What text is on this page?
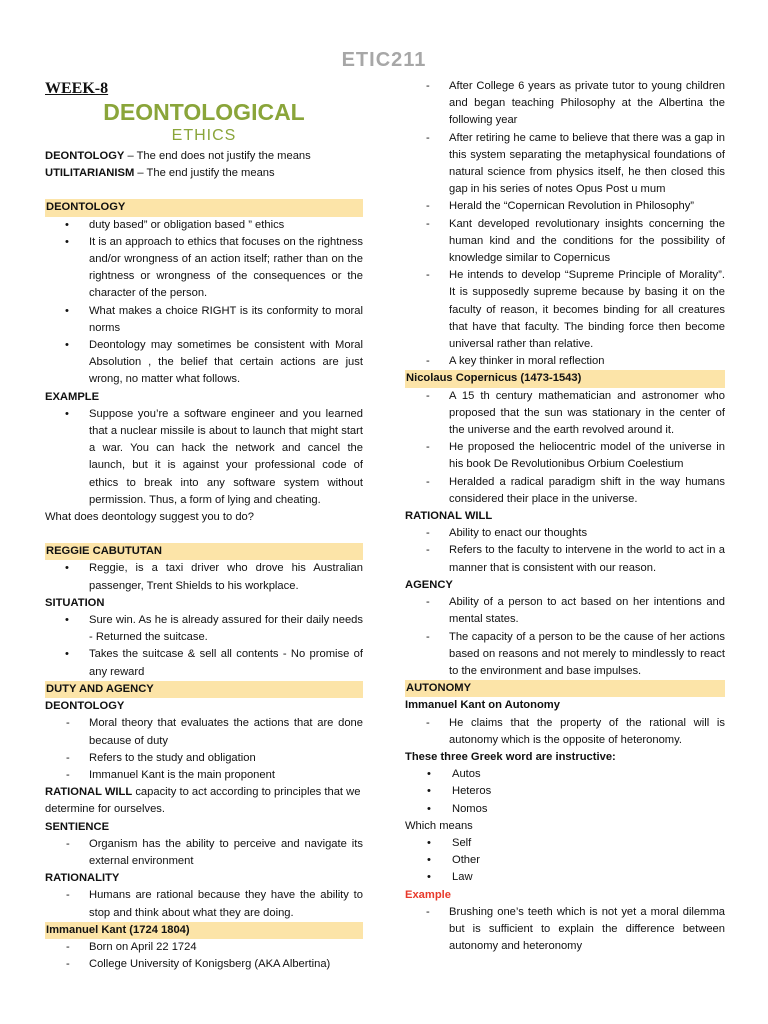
ETIC211
WEEK-8
DEONTOLOGICAL
ETHICS
DEONTOLOGY – The end does not justify the means
UTILITARIANISM – The end justify the means
DEONTOLOGY
• duty based” or obligation based ” ethics
• It is an approach to ethics that focuses on the rightness and/or wrongness of an action itself; rather than on the rightness or wrongness of the consequences or the character of the person.
• What makes a choice RIGHT is its conformity to moral norms
• Deontology may sometimes be consistent with Moral Absolution , the belief that certain actions are just wrong, no matter what follows.
EXAMPLE
• Suppose you’re a software engineer and you learned that a nuclear missile is about to launch that might start a war. You can hack the network and cancel the launch, but it is against your professional code of ethics to break into any software system without permission. Thus, a form of lying and cheating.
What does deontology suggest you to do?
REGGIE CABUTUTAN
• Reggie, is a taxi driver who drove his Australian passenger, Trent Shields to his workplace.
SITUATION
• Sure win. As he is already assured for their daily needs - Returned the suitcase.
• Takes the suitcase & sell all contents - No promise of any reward
DUTY AND AGENCY
DEONTOLOGY
- Moral theory that evaluates the actions that are done because of duty
- Refers to the study and obligation
- Immanuel Kant is the main proponent
RATIONAL WILL capacity to act according to principles that we determine for ourselves.
SENTIENCE
- Organism has the ability to perceive and navigate its external environment
RATIONALITY
- Humans are rational because they have the ability to stop and think about what they are doing.
Immanuel Kant (1724 1804)
- Born on April 22 1724
- College University of Konigsberg (AKA Albertina)
- After College 6 years as private tutor to young children and began teaching Philosophy at the Albertina the following year
- After retiring he came to believe that there was a gap in this system separating the metaphysical foundations of natural science from physics itself, he then closed this gap in his series of notes Opus Post u mum
- Herald the “Copernican Revolution in Philosophy”
- Kant developed revolutionary insights concerning the human kind and the conditions for the possibility of knowledge similar to Copernicus
- He intends to develop “Supreme Principle of Morality”. It is supposedly supreme because by basing it on the faculty of reason, it becomes binding for all creatures that have that faculty. The binding force then become universal rather than relative.
- A key thinker in moral reflection
Nicolaus Copernicus (1473-1543)
- A 15 th century mathematician and astronomer who proposed that the sun was stationary in the center of the universe and the earth revolved around it.
- He proposed the heliocentric model of the universe in his book De Revolutionibus Orbium Coelestium
- Heralded a radical paradigm shift in the way humans considered their place in the universe.
RATIONAL WILL
- Ability to enact our thoughts
- Refers to the faculty to intervene in the world to act in a manner that is consistent with our reason.
AGENCY
- Ability of a person to act based on her intentions and mental states.
- The capacity of a person to be the cause of her actions based on reasons and not merely to mindlessly to react to the environment and base impulses.
AUTONOMY
Immanuel Kant on Autonomy
- He claims that the property of the rational will is autonomy which is the opposite of heteronomy.
These three Greek word are instructive:
• Autos
• Heteros
• Nomos
Which means
• Self
• Other
• Law
Example
- Brushing one’s teeth which is not yet a moral dilemma but is sufficient to explain the difference between autonomy and heteronomy
